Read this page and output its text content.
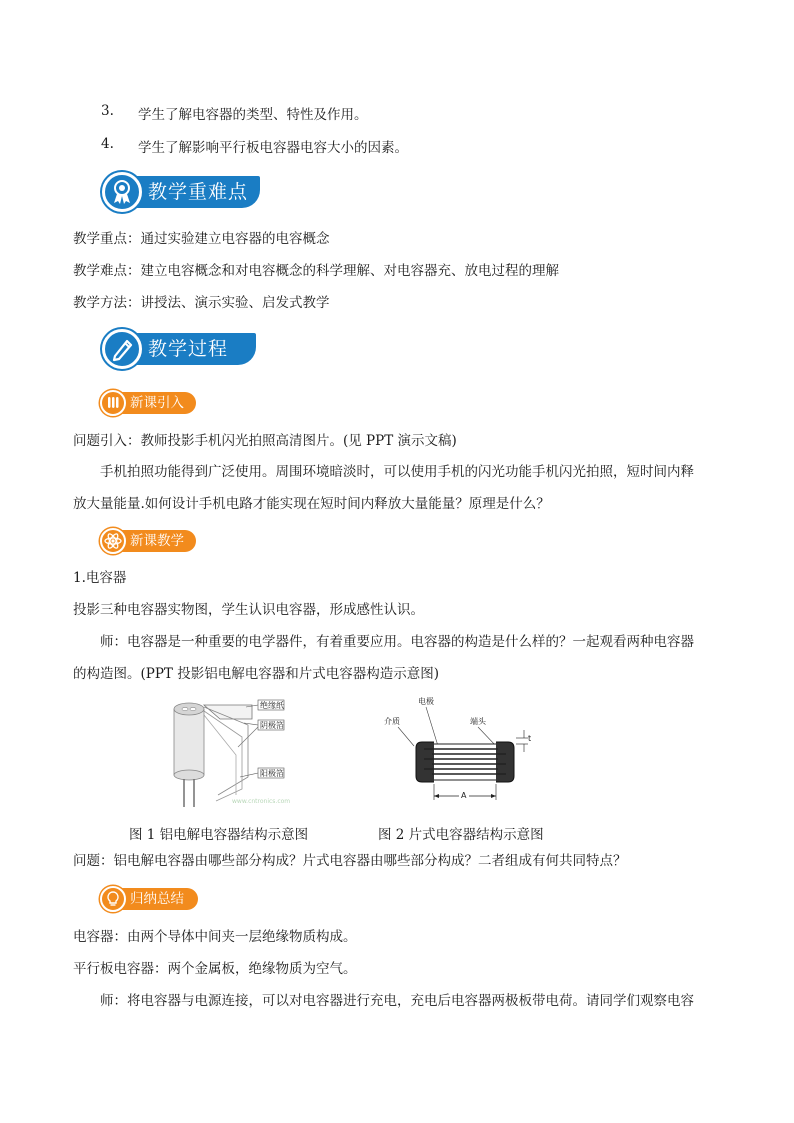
3. 学生了解电容器的类型、特性及作用。
4. 学生了解影响平行板电容器电容大小的因素。
教学重难点

教学重点：通过实验建立电容器的电容概念

教学难点：建立电容概念和对电容概念的科学理解、对电容器充、放电过程的理解

教学方法：讲授法、演示实验、启发式教学

教学过程
新课引入

问题引入：教师投影手机闪光拍照高清图片。(见 PPT 演示文稿)

手机拍照功能得到广泛使用。周围环境暗淡时，可以使用手机的闪光功能手机闪光拍照，短时间内释

放大量能量.如何设计手机电路才能实现在短时间内释放大量能量？原理是什么？

新课教学

1.电容器

投影三种电容器实物图，学生认识电容器，形成感性认识。

师：电容器是一种重要的电学器件，有着重要应用。电容器的构造是什么样的？一起观看两种电容器

的构造图。(PPT 投影铝电解电容器和片式电容器构造示意图)

绝缘纸
阴极箔
阳极箔
www.cntronics.com
电极
介质	端头
t
A
图 1 铝电解电容器结构示意图	图 2 片式电容器结构示意图

问题：铝电解电容器由哪些部分构成？片式电容器由哪些部分构成？二者组成有何共同特点？

归纳总结

电容器：由两个导体中间夹一层绝缘物质构成。

平行板电容器：两个金属板，绝缘物质为空气。

师：将电容器与电源连接，可以对电容器进行充电，充电后电容器两极板带电荷。请同学们观察电容
